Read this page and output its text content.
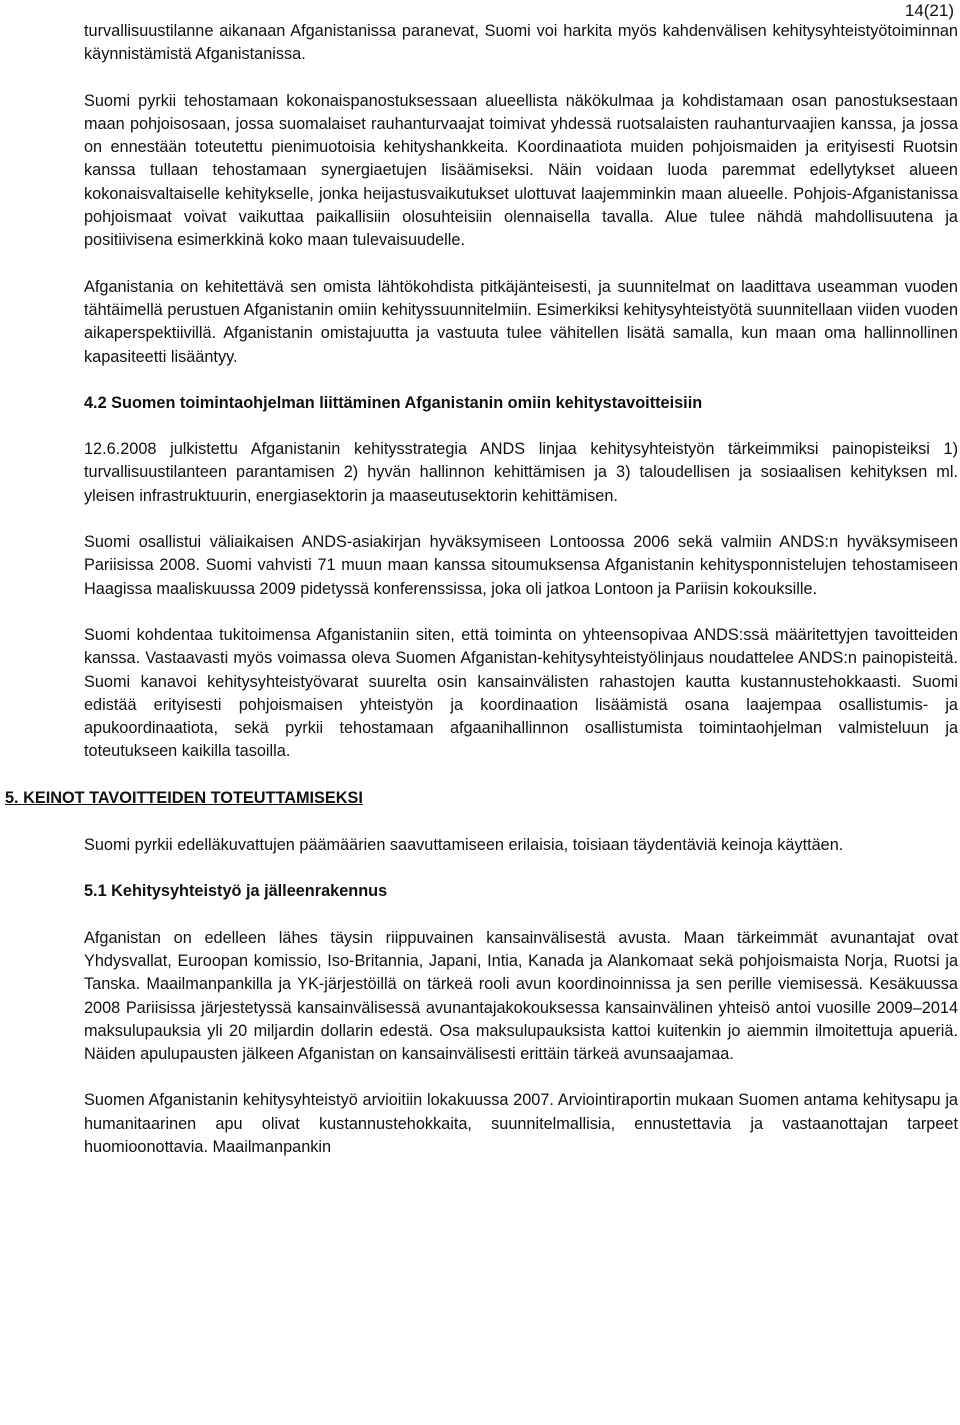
14(21)

turvallisuustilanne aikanaan Afganistanissa paranevat, Suomi voi harkita myös kahdenvälisen kehitysyhteistyötoiminnan käynnistämistä Afganistanissa.

Suomi pyrkii tehostamaan kokonaispanostuksessaan alueellista näkökulmaa ja kohdistamaan osan panostuksestaan maan pohjoisosaan, jossa suomalaiset rauhanturvaajat toimivat yhdessä ruotsalaisten rauhanturvaajien kanssa, ja jossa on ennestään toteutettu pienimuotoisia kehityshankkeita. Koordinaatiota muiden pohjoismaiden ja erityisesti Ruotsin kanssa tullaan tehostamaan synergiaetujen lisäämiseksi. Näin voidaan luoda paremmat edellytykset alueen kokonaisvaltaiselle kehitykselle, jonka heijastusvaikutukset ulottuvat laajemminkin maan alueelle. Pohjois-Afganistanissa pohjoismaat voivat vaikuttaa paikallisiin olosuhteisiin olennaisella tavalla. Alue tulee nähdä mahdollisuutena ja positiivisena esimerkkinä koko maan tulevaisuudelle.

Afganistania on kehitettävä sen omista lähtökohdista pitkäjänteisesti, ja suunnitelmat on laadittava useamman vuoden tähtäimellä perustuen Afganistanin omiin kehityssuunnitelmiin. Esimerkiksi kehitysyhteistyötä suunnitellaan viiden vuoden aikaperspektiivillä. Afganistanin omistajuutta ja vastuuta tulee vähitellen lisätä samalla, kun maan oma hallinnollinen kapasiteetti lisääntyy.

4.2 Suomen toimintaohjelman liittäminen Afganistanin omiin kehitystavoitteisiin

12.6.2008 julkistettu Afganistanin kehitysstrategia ANDS linjaa kehitysyhteistyön tärkeimmiksi painopisteiksi 1) turvallisuustilanteen parantamisen 2) hyvän hallinnon kehittämisen ja 3) taloudellisen ja sosiaalisen kehityksen ml. yleisen infrastruktuurin, energiasektorin ja maaseutusektorin kehittämisen.

Suomi osallistui väliaikaisen ANDS-asiakirjan hyväksymiseen Lontoossa 2006 sekä valmiin ANDS:n hyväksymiseen Pariisissa 2008. Suomi vahvisti 71 muun maan kanssa sitoumuksensa Afganistanin kehitysponnistelujen tehostamiseen Haagissa maaliskuussa 2009 pidetyssä konferenssissa, joka oli jatkoa Lontoon ja Pariisin kokouksille.

Suomi kohdentaa tukitoimensa Afganistaniin siten, että toiminta on yhteensopivaa ANDS:ssä määritettyjen tavoitteiden kanssa. Vastaavasti myös voimassa oleva Suomen Afganistan-kehitysyhteistyölinjaus noudattelee ANDS:n painopisteitä. Suomi kanavoi kehitysyhteistyövarat suurelta osin kansainvälisten rahastojen kautta kustannustehokkaasti. Suomi edistää erityisesti pohjoismaisen yhteistyön ja koordinaation lisäämistä osana laajempaa osallistumis- ja apukoordinaatiota, sekä pyrkii tehostamaan afgaanihallinnon osallistumista toimintaohjelman valmisteluun ja toteutukseen kaikilla tasoilla.

5. KEINOT TAVOITTEIDEN TOTEUTTAMISEKSI

Suomi pyrkii edelläkuvattujen päämäärien saavuttamiseen erilaisia, toisiaan täydentäviä keinoja käyttäen.

5.1 Kehitysyhteistyö ja jälleenrakennus

Afganistan on edelleen lähes täysin riippuvainen kansainvälisestä avusta. Maan tärkeimmät avunantajat ovat Yhdysvallat, Euroopan komissio, Iso-Britannia, Japani, Intia, Kanada ja Alankomaat sekä pohjoismaista Norja, Ruotsi ja Tanska. Maailmanpankilla ja YK-järjestöillä on tärkeä rooli avun koordinoinnissa ja sen perille viemisessä. Kesäkuussa 2008 Pariisissa järjestetyssä kansainvälisessä avunantajakokouksessa kansainvälinen yhteisö antoi vuosille 2009–2014 maksulupauksia yli 20 miljardin dollarin edestä. Osa maksulupauksista kattoi kuitenkin jo aiemmin ilmoitettuja apueriä. Näiden apulupausten jälkeen Afganistan on kansainvälisesti erittäin tärkeä avunsaajamaa.

Suomen Afganistanin kehitysyhteistyö arvioitiin lokakuussa 2007. Arviointiraportin mukaan Suomen antama kehitysapu ja humanitaarinen apu olivat kustannustehokkaita, suunnitelmallisia, ennustettavia ja vastaanottajan tarpeet huomioonottavia. Maailmanpankin
